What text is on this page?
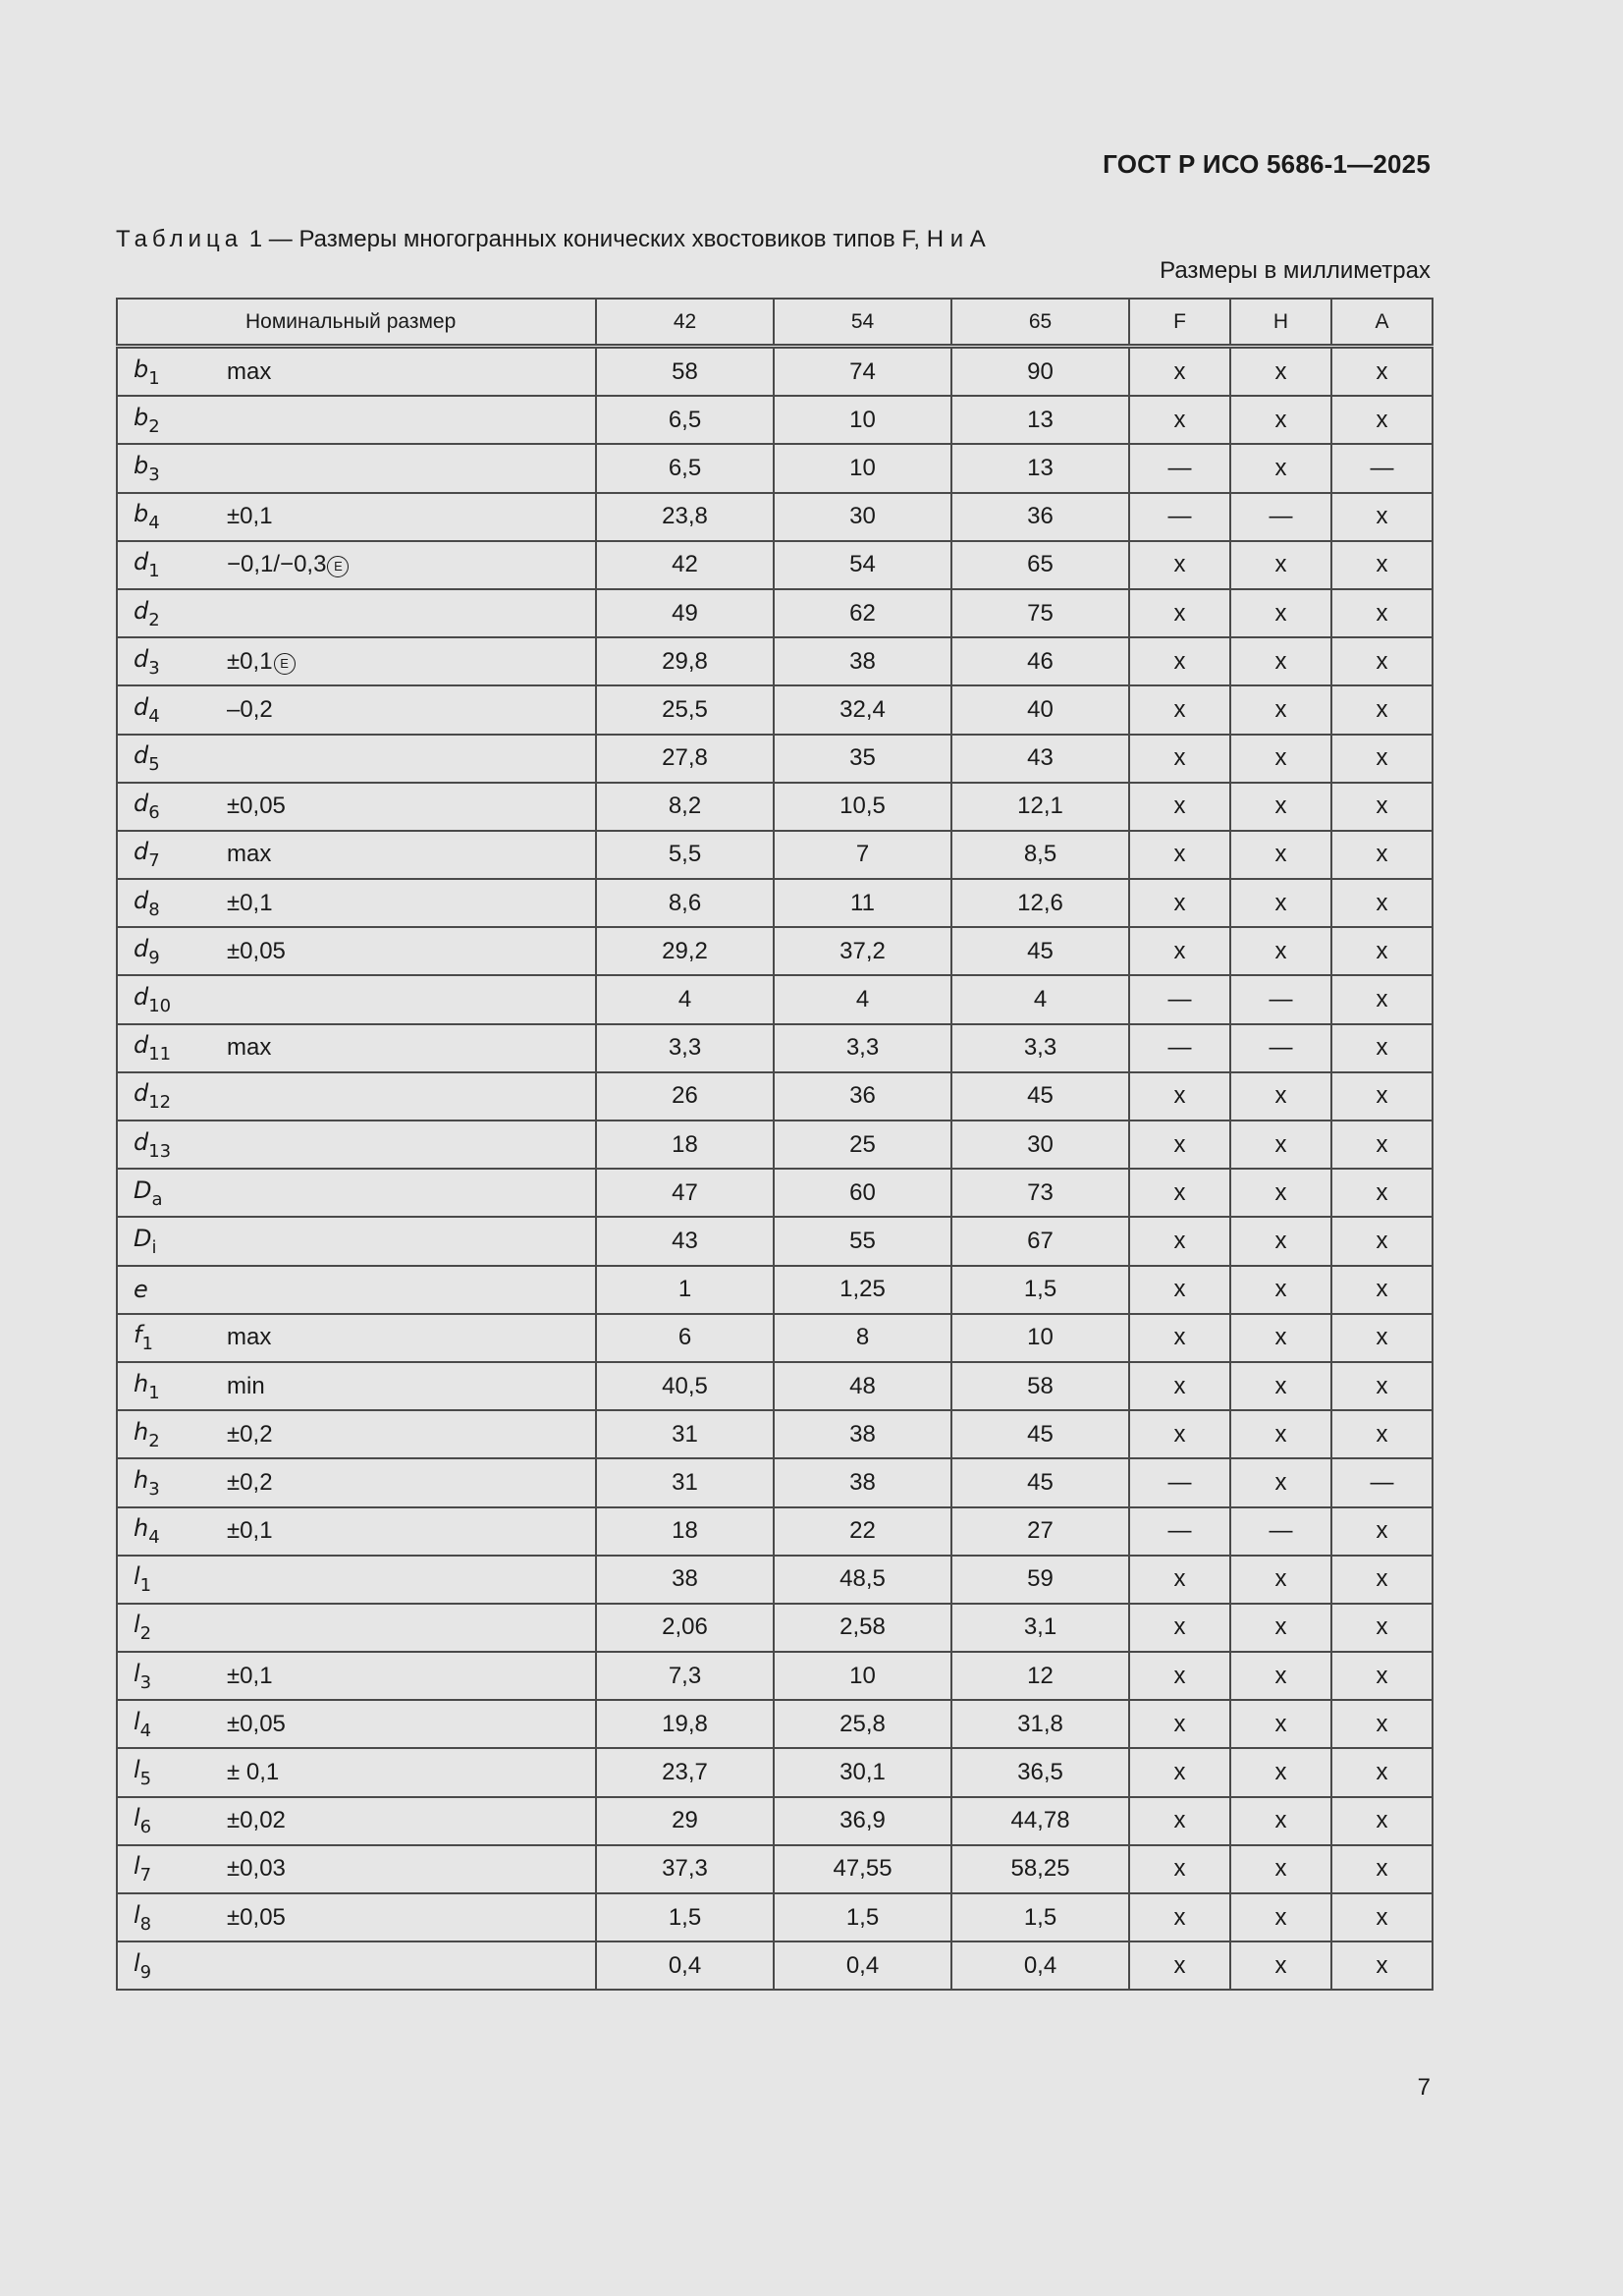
ГОСТ Р ИСО 5686-1—2025
Таблица 1 — Размеры многогранных конических хвостовиков типов F, H и A
Размеры в миллиметрах
Номинальный размер		42	54	65	F	H	A
$b_1$	max	58	74	90	x	x	x
$b_2$		6,5	10	13	x	x	x
$b_3$		6,5	10	13	—	x	—
$b_4$	±0,1	23,8	30	36	—	—	x
$d_1$	−0,1/−0,3 E	42	54	65	x	x	x
$d_2$		49	62	75	x	x	x
$d_3$	±0,1 E	29,8	38	46	x	x	x
$d_4$	–0,2	25,5	32,4	40	x	x	x
$d_5$		27,8	35	43	x	x	x
$d_6$	±0,05	8,2	10,5	12,1	x	x	x
$d_7$	max	5,5	7	8,5	x	x	x
$d_8$	±0,1	8,6	11	12,6	x	x	x
$d_9$	±0,05	29,2	37,2	45	x	x	x
$d_{10}$		4	4	4	—	—	x
$d_{11}$	max	3,3	3,3	3,3	—	—	x
$d_{12}$		26	36	45	x	x	x
$d_{13}$		18	25	30	x	x	x
$D_a$		47	60	73	x	x	x
$D_i$		43	55	67	x	x	x
e		1	1,25	1,5	x	x	x
$f_1$	max	6	8	10	x	x	x
$h_1$	min	40,5	48	58	x	x	x
$h_2$	±0,2	31	38	45	x	x	x
$h_3$	±0,2	31	38	45	—	x	—
$h_4$	±0,1	18	22	27	—	—	x
$l_1$		38	48,5	59	x	x	x
$l_2$		2,06	2,58	3,1	x	x	x
$l_3$	±0,1	7,3	10	12	x	x	x
$l_4$	±0,05	19,8	25,8	31,8	x	x	x
$l_5$	± 0,1	23,7	30,1	36,5	x	x	x
$l_6$	±0,02	29	36,9	44,78	x	x	x
$l_7$	±0,03	37,3	47,55	58,25	x	x	x
$l_8$	±0,05	1,5	1,5	1,5	x	x	x
$l_9$		0,4	0,4	0,4	x	x	x
7
